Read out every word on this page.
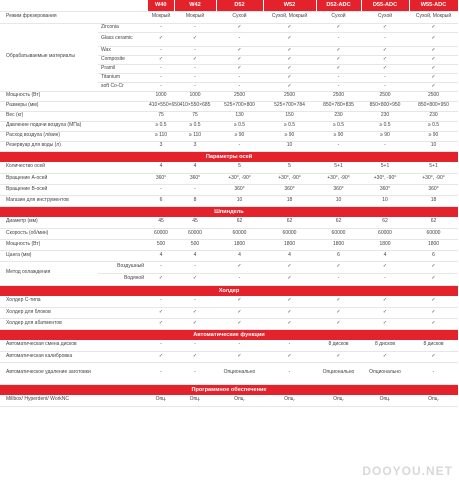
		W40	W42	D52	W52	D52-ADC	D55-ADC	W55-ADC
Режим фрезерования		Мокрый	Мокрый	Сухой	Сухой, Мокрый	Сухой	Сухой	Сухой, Мокрый
Обрабатываемые материалы	Zirconia	-	-	✓	✓	✓	✓	✓
	Glass ceramic	✓	✓	-	✓	-	-	✓
	Wax	-	-	✓	✓	✓	✓	✓
	Composite	✓	✓	✓	✓	✓	✓	✓
	Pramil	-	-	✓	✓	✓	✓	✓
	Titanium	-	-	-	✓	-	-	✓
	soft Co-Cr	-	-	-	✓	-	-	✓
Мощность (Вт)		1000	1000	2500	2500	2500	2500	2500
Размеры (мм)		410×550×650	410×550×685	525×700×800	525×700×784	850×780×835	850×800×950	850×800×950
Вес (кг)		75	75	130	150	230	230	230
Давление подачи воздуха (МПа)		≥ 0.5	≥ 0.5	≥ 0.5	≥ 0.5	≥ 0.5	≥ 0.5	≥ 0.5
Расход воздуха (л/мин)		≥ 110	≥ 110	≥ 90	≥ 90	≥ 90	≥ 90	≥ 90
Резервуар для воды (л)		3	3	-	10	-	-	10
Параметры осей								
Количество осей		4	4	5	5	5+1	5+1	5+1
Вращение А-осей		360°	360°	+30°, -90°	+30°, -90°	+30°, -90°	+30°, -90°	+30°, -90°
Вращение В-осей		-	-	360°	360°	360°	360°	360°
Магазин для инструментов		6	8	10	18	10	10	18
Шпиндель								
Диаметр (мм)		45	45	62	62	62	62	62
Скорость (об/мин)		60000	60000	60000	60000	60000	60000	60000
Мощность (Вт)		500	500	1800	1800	1800	1800	1800
Цанга (мм)		4	4	4	4	6	4	6
Метод охлаждения	Воздушный	-	-	✓	✓	✓	✓	✓
	Водяной	✓	✓	-	✓	-	-	✓
Холдер								
Холдер C-типа		-	-	✓	✓	✓	✓	✓
Холдер для блоков		✓	✓	✓	✓	✓	✓	✓
Холдер для абатментов		✓	✓	✓	✓	✓	✓	✓
Автоматические функции								
Автоматическая смена дисков		-	-	-	-	8 дисков	8 дисков	8 дисков
Автоматическая калибровка		✓	✓	✓	✓	✓	✓	✓
Автоматическое удаление заготовки		-	-	Опционально	-	Опционально	Опционально	-
Программное обеспечение								
Millbox/ Hyperdent/ WorkNC		Опц.	Опц.	Опц.	Опц.	Опц.	Опц.	Опц.
DOOYOU.NET
